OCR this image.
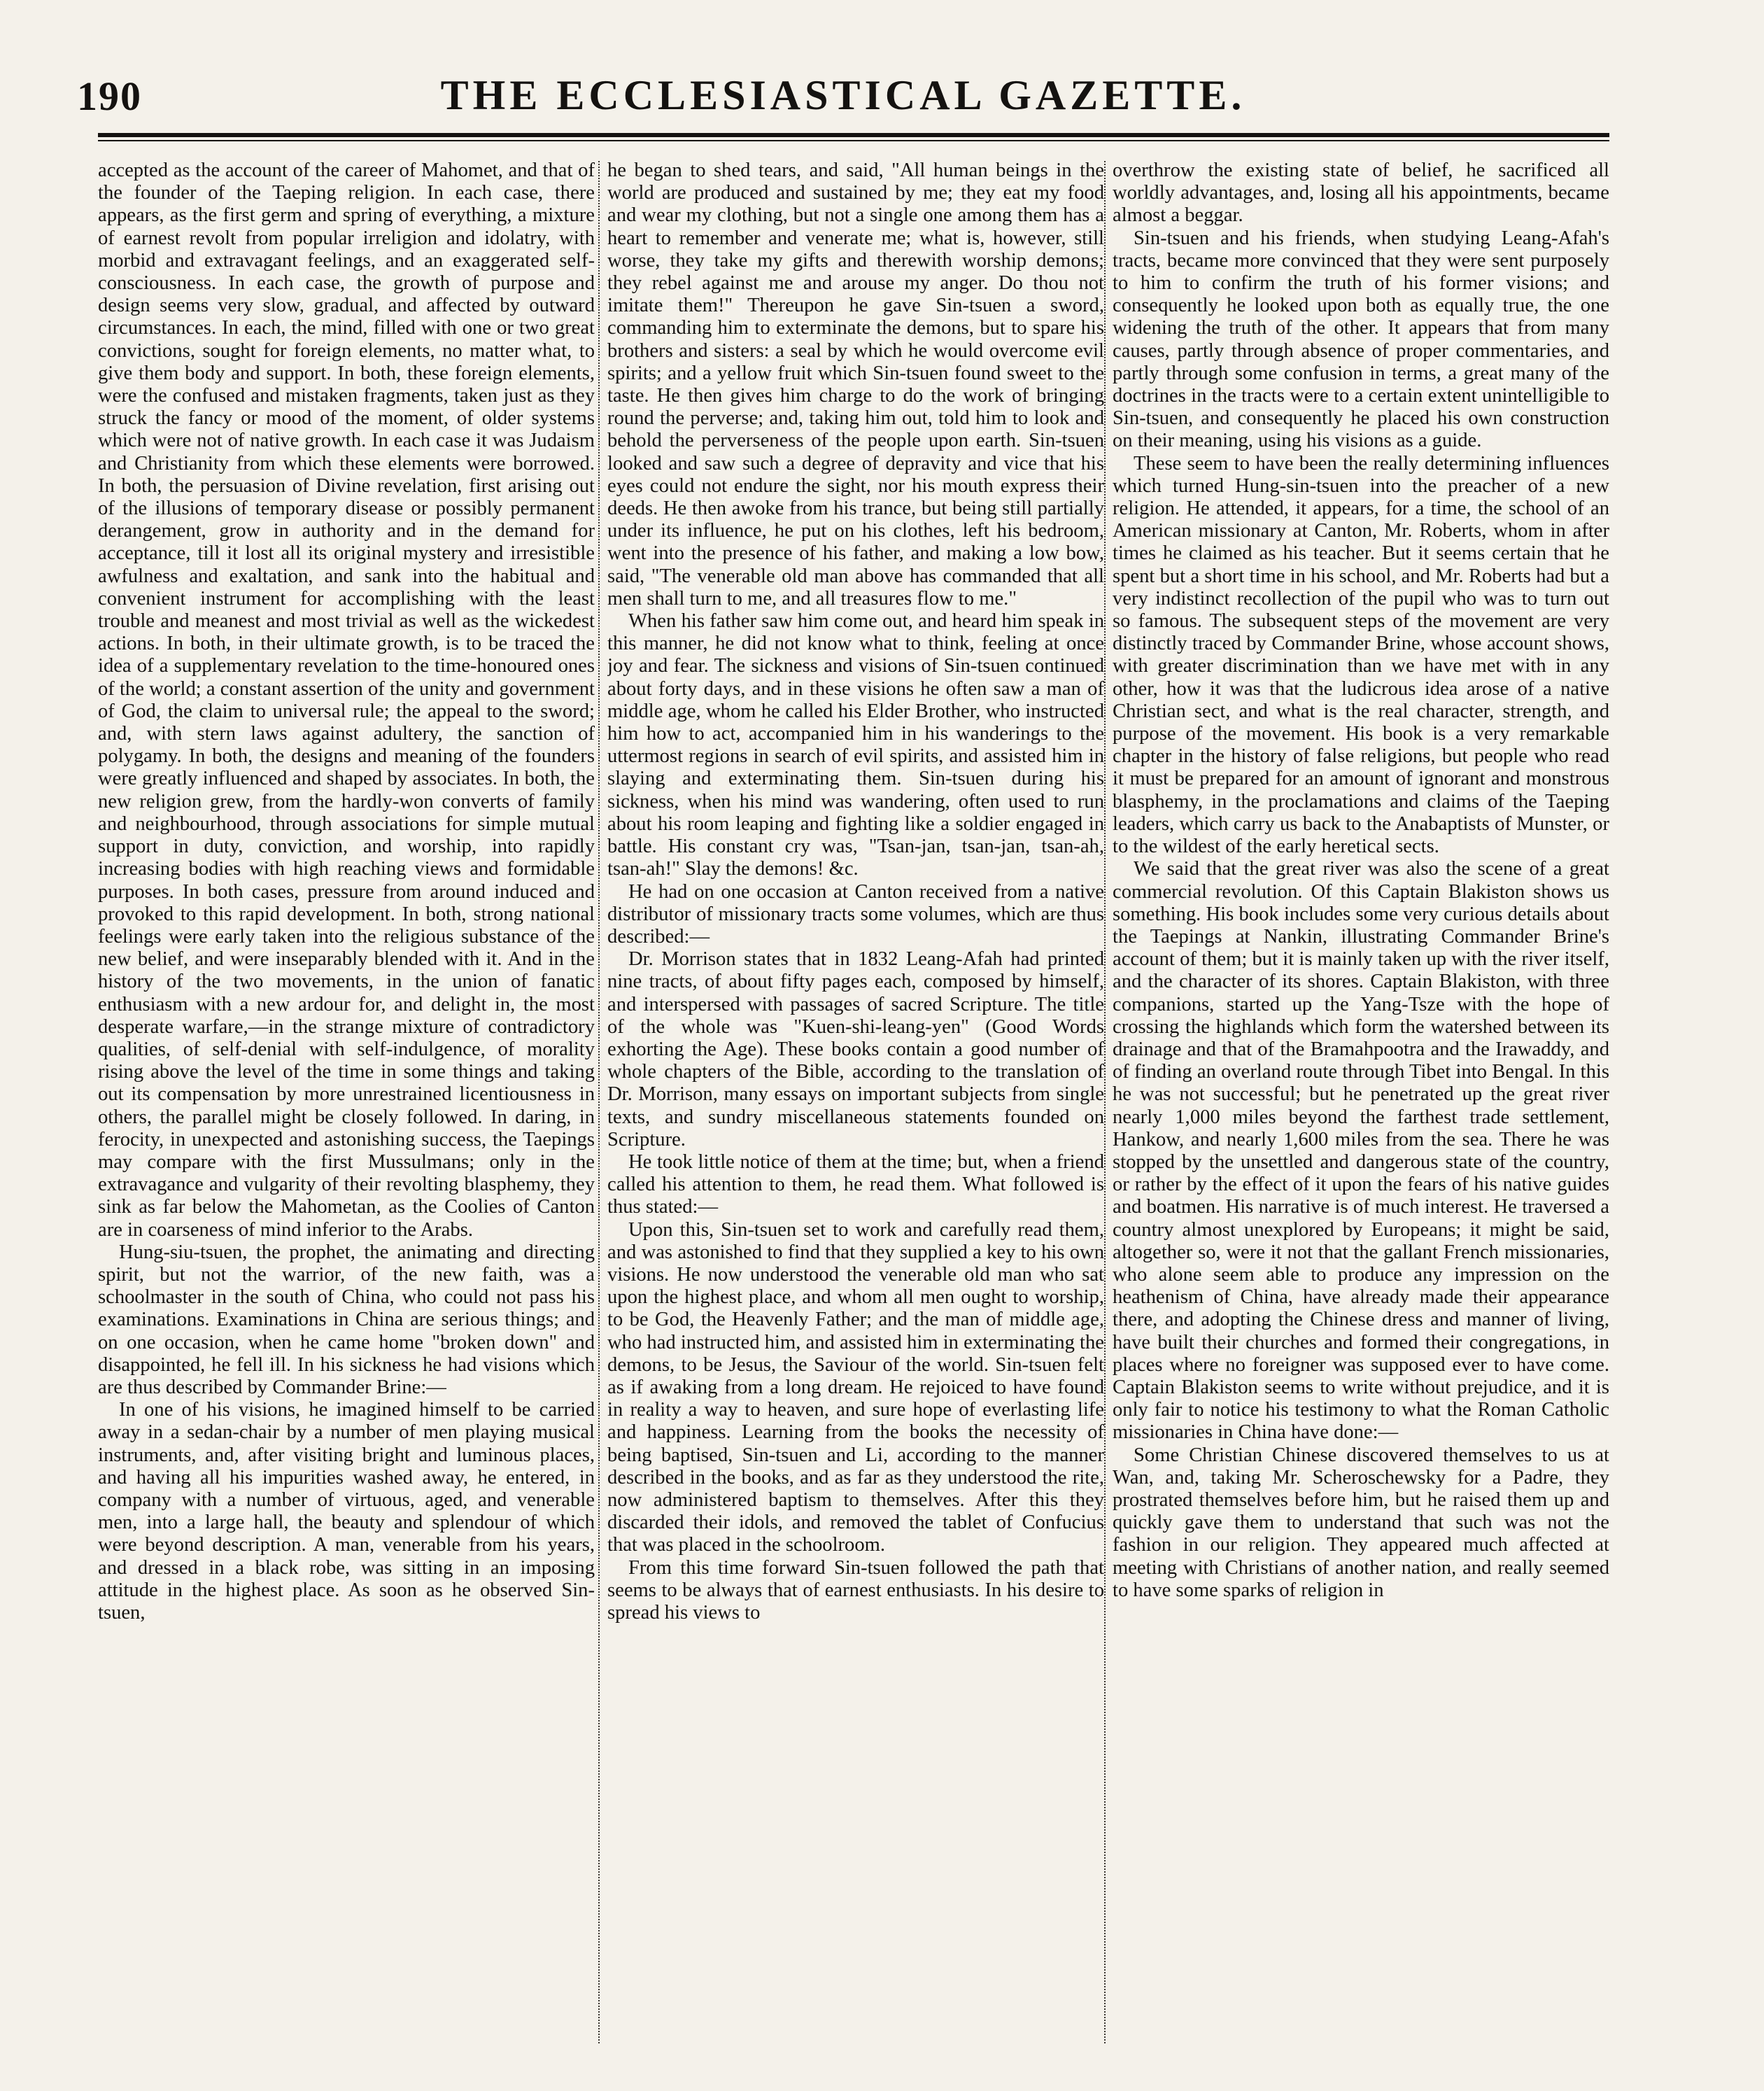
190	THE ECCLESIASTICAL GAZETTE.

accepted as the account of the career of Mahomet, and that of the founder of the Taeping religion. In each case, there appears, as the first germ and spring of everything, a mixture of earnest revolt from popular irreligion and idolatry, with morbid and extravagant feelings, and an exaggerated self-consciousness. In each case, the growth of purpose and design seems very slow, gradual, and affected by outward circumstances. In each, the mind, filled with one or two great convictions, sought for foreign elements, no matter what, to give them body and support. In both, these foreign elements, were the confused and mistaken fragments, taken just as they struck the fancy or mood of the moment, of older systems which were not of native growth. In each case it was Judaism and Christianity from which these elements were borrowed. In both, the persuasion of Divine revelation, first arising out of the illusions of temporary disease or possibly permanent derangement, grow in authority and in the demand for acceptance, till it lost all its original mystery and irresistible awfulness and exaltation, and sank into the habitual and convenient instrument for accomplishing with the least trouble and meanest and most trivial as well as the wickedest actions. In both, in their ultimate growth, is to be traced the idea of a supplementary revelation to the time-honoured ones of the world; a constant assertion of the unity and government of God, the claim to universal rule; the appeal to the sword; and, with stern laws against adultery, the sanction of polygamy. In both, the designs and meaning of the founders were greatly influenced and shaped by associates. In both, the new religion grew, from the hardly-won converts of family and neighbourhood, through associations for simple mutual support in duty, conviction, and worship, into rapidly increasing bodies with high reaching views and formidable purposes. In both cases, pressure from around induced and provoked to this rapid development. In both, strong national feelings were early taken into the religious substance of the new belief, and were inseparably blended with it. And in the history of the two movements, in the union of fanatic enthusiasm with a new ardour for, and delight in, the most desperate warfare,—in the strange mixture of contradictory qualities, of self-denial with self-indulgence, of morality rising above the level of the time in some things and taking out its compensation by more unrestrained licentiousness in others, the parallel might be closely followed. In daring, in ferocity, in unexpected and astonishing success, the Taepings may compare with the first Mussulmans; only in the extravagance and vulgarity of their revolting blasphemy, they sink as far below the Mahometan, as the Coolies of Canton are in coarseness of mind inferior to the Arabs.

Hung-siu-tsuen, the prophet, the animating and directing spirit, but not the warrior, of the new faith, was a schoolmaster in the south of China, who could not pass his examinations. Examinations in China are serious things; and on one occasion, when he came home "broken down" and disappointed, he fell ill. In his sickness he had visions which are thus described by Commander Brine:—

In one of his visions, he imagined himself to be carried away in a sedan-chair by a number of men playing musical instruments, and, after visiting bright and luminous places, and having all his impurities washed away, he entered, in company with a number of virtuous, aged, and venerable men, into a large hall, the beauty and splendour of which were beyond description. A man, venerable from his years, and dressed in a black robe, was sitting in an imposing attitude in the highest place. As soon as he observed Sin-tsuen,

he began to shed tears, and said, "All human beings in the world are produced and sustained by me; they eat my food and wear my clothing, but not a single one among them has a heart to remember and venerate me; what is, however, still worse, they take my gifts and therewith worship demons; they rebel against me and arouse my anger. Do thou not imitate them!" Thereupon he gave Sin-tsuen a sword, commanding him to exterminate the demons, but to spare his brothers and sisters: a seal by which he would overcome evil spirits; and a yellow fruit which Sin-tsuen found sweet to the taste. He then gives him charge to do the work of bringing round the perverse; and, taking him out, told him to look and behold the perverseness of the people upon earth. Sin-tsuen looked and saw such a degree of depravity and vice that his eyes could not endure the sight, nor his mouth express their deeds. He then awoke from his trance, but being still partially under its influence, he put on his clothes, left his bedroom, went into the presence of his father, and making a low bow, said, "The venerable old man above has commanded that all men shall turn to me, and all treasures flow to me."

When his father saw him come out, and heard him speak in this manner, he did not know what to think, feeling at once joy and fear. The sickness and visions of Sin-tsuen continued about forty days, and in these visions he often saw a man of middle age, whom he called his Elder Brother, who instructed him how to act, accompanied him in his wanderings to the uttermost regions in search of evil spirits, and assisted him in slaying and exterminating them. Sin-tsuen during his sickness, when his mind was wandering, often used to run about his room leaping and fighting like a soldier engaged in battle. His constant cry was, "Tsan-jan, tsan-jan, tsan-ah, tsan-ah!" Slay the demons! &c.

He had on one occasion at Canton received from a native distributor of missionary tracts some volumes, which are thus described:—

Dr. Morrison states that in 1832 Leang-Afah had printed nine tracts, of about fifty pages each, composed by himself, and interspersed with passages of sacred Scripture. The title of the whole was "Kuen-shi-leang-yen" (Good Words exhorting the Age). These books contain a good number of whole chapters of the Bible, according to the translation of Dr. Morrison, many essays on important subjects from single texts, and sundry miscellaneous statements founded on Scripture.

He took little notice of them at the time; but, when a friend called his attention to them, he read them. What followed is thus stated:—

Upon this, Sin-tsuen set to work and carefully read them, and was astonished to find that they supplied a key to his own visions. He now understood the venerable old man who sat upon the highest place, and whom all men ought to worship, to be God, the Heavenly Father; and the man of middle age, who had instructed him, and assisted him in exterminating the demons, to be Jesus, the Saviour of the world. Sin-tsuen felt as if awaking from a long dream. He rejoiced to have found in reality a way to heaven, and sure hope of everlasting life and happiness. Learning from the books the necessity of being baptised, Sin-tsuen and Li, according to the manner described in the books, and as far as they understood the rite, now administered baptism to themselves. After this they discarded their idols, and removed the tablet of Confucius that was placed in the schoolroom.

From this time forward Sin-tsuen followed the path that seems to be always that of earnest enthusiasts. In his desire to spread his views to

overthrow the existing state of belief, he sacrificed all worldly advantages, and, losing all his appointments, became almost a beggar.

Sin-tsuen and his friends, when studying Leang-Afah's tracts, became more convinced that they were sent purposely to him to confirm the truth of his former visions; and consequently he looked upon both as equally true, the one widening the truth of the other. It appears that from many causes, partly through absence of proper commentaries, and partly through some confusion in terms, a great many of the doctrines in the tracts were to a certain extent unintelligible to Sin-tsuen, and consequently he placed his own construction on their meaning, using his visions as a guide.

These seem to have been the really determining influences which turned Hung-sin-tsuen into the preacher of a new religion. He attended, it appears, for a time, the school of an American missionary at Canton, Mr. Roberts, whom in after times he claimed as his teacher. But it seems certain that he spent but a short time in his school, and Mr. Roberts had but a very indistinct recollection of the pupil who was to turn out so famous. The subsequent steps of the movement are very distinctly traced by Commander Brine, whose account shows, with greater discrimination than we have met with in any other, how it was that the ludicrous idea arose of a native Christian sect, and what is the real character, strength, and purpose of the movement. His book is a very remarkable chapter in the history of false religions, but people who read it must be prepared for an amount of ignorant and monstrous blasphemy, in the proclamations and claims of the Taeping leaders, which carry us back to the Anabaptists of Munster, or to the wildest of the early heretical sects.

We said that the great river was also the scene of a great commercial revolution. Of this Captain Blakiston shows us something. His book includes some very curious details about the Taepings at Nankin, illustrating Commander Brine's account of them; but it is mainly taken up with the river itself, and the character of its shores. Captain Blakiston, with three companions, started up the Yang-Tsze with the hope of crossing the highlands which form the watershed between its drainage and that of the Bramahpootra and the Irawaddy, and of finding an overland route through Tibet into Bengal. In this he was not successful; but he penetrated up the great river nearly 1,000 miles beyond the farthest trade settlement, Hankow, and nearly 1,600 miles from the sea. There he was stopped by the unsettled and dangerous state of the country, or rather by the effect of it upon the fears of his native guides and boatmen. His narrative is of much interest. He traversed a country almost unexplored by Europeans; it might be said, altogether so, were it not that the gallant French missionaries, who alone seem able to produce any impression on the heathenism of China, have already made their appearance there, and adopting the Chinese dress and manner of living, have built their churches and formed their congregations, in places where no foreigner was supposed ever to have come. Captain Blakiston seems to write without prejudice, and it is only fair to notice his testimony to what the Roman Catholic missionaries in China have done:—

Some Christian Chinese discovered themselves to us at Wan, and, taking Mr. Scheroschewsky for a Padre, they prostrated themselves before him, but he raised them up and quickly gave them to understand that such was not the fashion in our religion. They appeared much affected at meeting with Christians of another nation, and really seemed to have some sparks of religion in
